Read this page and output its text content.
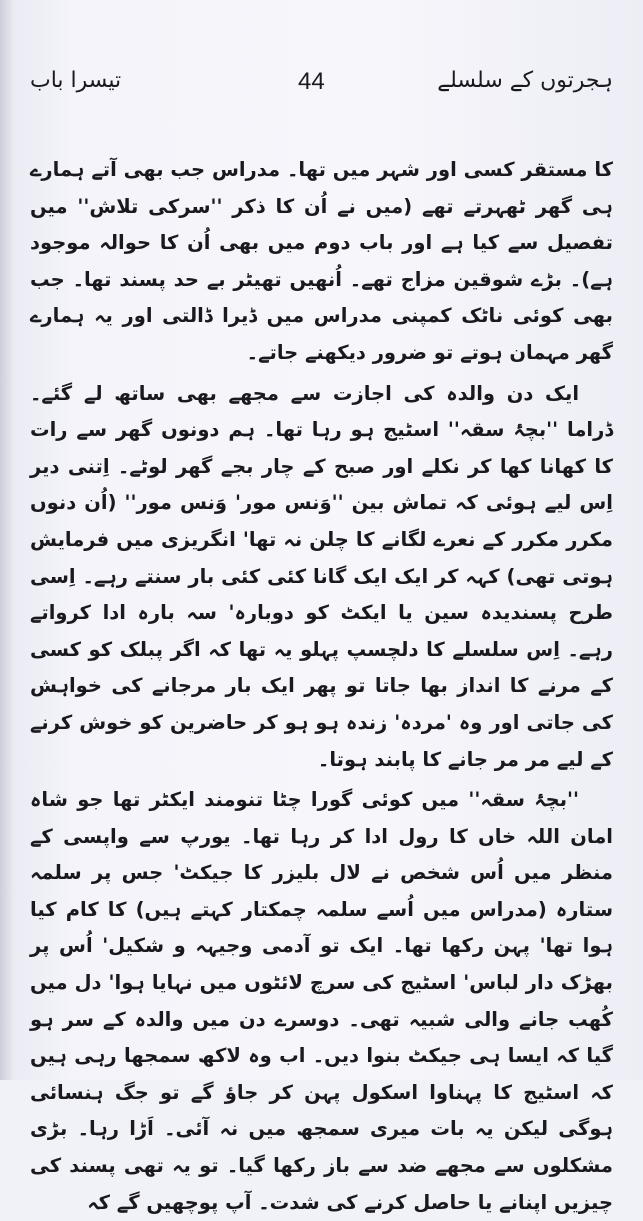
تیسرا باب	44	ہجرتوں کے سلسلے

کا مستقر کسی اور شہر میں تھا۔ مدراس جب بھی آتے ہمارے ہی گھر ٹھہرتے تھے (میں نے اُن کا ذکر ''سرکی تلاش'' میں تفصیل سے کیا ہے اور باب دوم میں بھی اُن کا حوالہ موجود ہے)۔ بڑے شوقین مزاج تھے۔ اُنھیں تھیٹر بے حد پسند تھا۔ جب بھی کوئی ناٹک کمپنی مدراس میں ڈیرا ڈالتی اور یہ ہمارے گھر مہمان ہوتے تو ضرور دیکھنے جاتے۔

ایک دن والدہ کی اجازت سے مجھے بھی ساتھ لے گئے۔ ڈراما ''بچۂ سقہ'' اسٹیج ہو رہا تھا۔ ہم دونوں گھر سے رات کا کھانا کھا کر نکلے اور صبح کے چار بجے گھر لوٹے۔ اِتنی دیر اِس لیے ہوئی کہ تماش بین ''وَنس مور' وَنس مور'' (اُن دنوں مکرر مکرر کے نعرے لگانے کا چلن نہ تھا' انگریزی میں فرمایش ہوتی تھی) کہہ کر ایک ایک گانا کئی کئی بار سنتے رہے۔ اِسی طرح پسندیدہ سین یا ایکٹ کو دوبارہ' سہ بارہ ادا کرواتے رہے۔ اِس سلسلے کا دلچسپ پہلو یہ تھا کہ اگر پبلک کو کسی کے مرنے کا انداز بھا جاتا تو پھر ایک بار مرجانے کی خواہش کی جاتی اور وہ 'مردہ' زندہ ہو ہو کر حاضرین کو خوش کرنے کے لیے مر مر جانے کا پابند ہوتا۔

''بچۂ سقہ'' میں کوئی گورا چٹا تنومند ایکٹر تھا جو شاہ امان اللہ خاں کا رول ادا کر رہا تھا۔ یورپ سے واپسی کے منظر میں اُس شخص نے لال بلیزر کا جیکٹ' جس پر سلمہ ستارہ (مدراس میں اُسے سلمہ چمکتار کہتے ہیں) کا کام کیا ہوا تھا' پہن رکھا تھا۔ ایک تو آدمی وجیہہ و شکیل' اُس پر بھڑک دار لباس' اسٹیج کی سرچ لائٹوں میں نہایا ہوا' دل میں کُھب جانے والی شبیہ تھی۔ دوسرے دن میں والدہ کے سر ہو گیا کہ ایسا ہی جیکٹ بنوا دیں۔ اب وہ لاکھ سمجھا رہی ہیں کہ اسٹیج کا پہناوا اسکول پہن کر جاؤ گے تو جگ ہنسائی ہوگی لیکن یہ بات میری سمجھ میں نہ آئی۔ اَڑا رہا۔ بڑی مشکلوں سے مجھے ضد سے باز رکھا گیا۔ تو یہ تھی پسند کی چیزیں اپنانے یا حاصل کرنے کی شدت۔ آپ پوچھیں گے کہ
